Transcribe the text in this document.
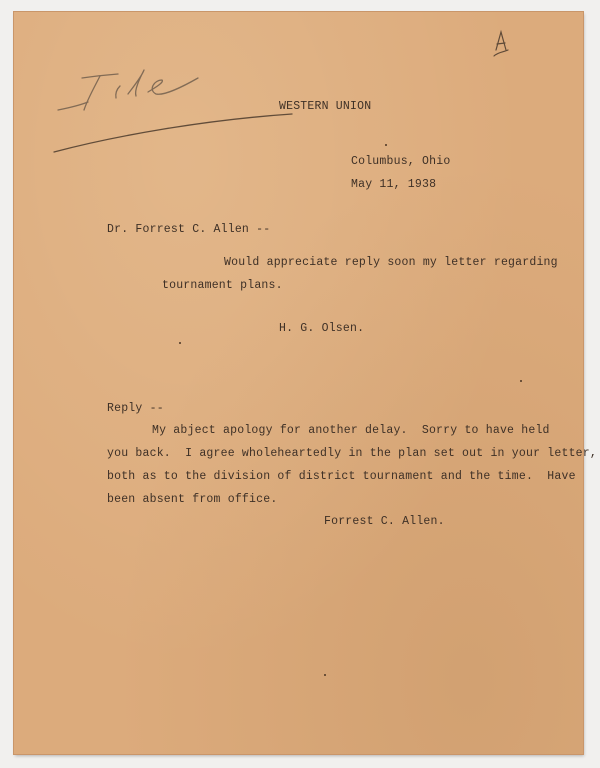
WESTERN UNION
Columbus, Ohio
May 11, 1938
Dr. Forrest C. Allen --
Would appreciate reply soon my letter regarding
tournament plans.
H. G. Olsen.
Reply --
My abject apology for another delay.  Sorry to have held
you back.  I agree wholeheartedly in the plan set out in your letter,
both as to the division of district tournament and the time.  Have
been absent from office.
Forrest C. Allen.
